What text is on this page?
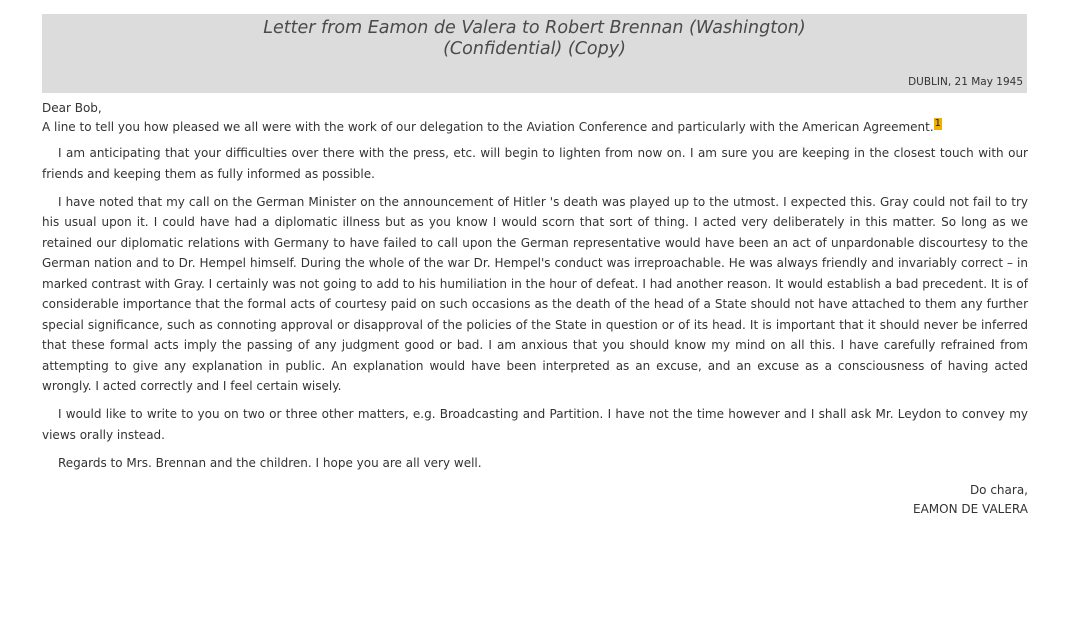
Letter from Eamon de Valera to Robert Brennan (Washington)
(Confidential) (Copy)
DUBLIN, 21 May 1945
Dear Bob,

A line to tell you how pleased we all were with the work of our delegation to the Aviation Conference and particularly with the American Agreement.1

I am anticipating that your difficulties over there with the press, etc. will begin to lighten from now on. I am sure you are keeping in the closest touch with our friends and keeping them as fully informed as possible.

I have noted that my call on the German Minister on the announcement of Hitler 's death was played up to the utmost. I expected this. Gray could not fail to try his usual upon it. I could have had a diplomatic illness but as you know I would scorn that sort of thing. I acted very deliberately in this matter. So long as we retained our diplomatic relations with Germany to have failed to call upon the German representative would have been an act of unpardonable discourtesy to the German nation and to Dr. Hempel himself. During the whole of the war Dr. Hempel's conduct was irreproachable. He was always friendly and invariably correct – in marked contrast with Gray. I certainly was not going to add to his humiliation in the hour of defeat. I had another reason. It would establish a bad precedent. It is of considerable importance that the formal acts of courtesy paid on such occasions as the death of the head of a State should not have attached to them any further special significance, such as connoting approval or disapproval of the policies of the State in question or of its head. It is important that it should never be inferred that these formal acts imply the passing of any judgment good or bad. I am anxious that you should know my mind on all this. I have carefully refrained from attempting to give any explanation in public. An explanation would have been interpreted as an excuse, and an excuse as a consciousness of having acted wrongly. I acted correctly and I feel certain wisely.

I would like to write to you on two or three other matters, e.g. Broadcasting and Partition. I have not the time however and I shall ask Mr. Leydon to convey my views orally instead.

Regards to Mrs. Brennan and the children. I hope you are all very well.

Do chara,
EAMON DE VALERA
